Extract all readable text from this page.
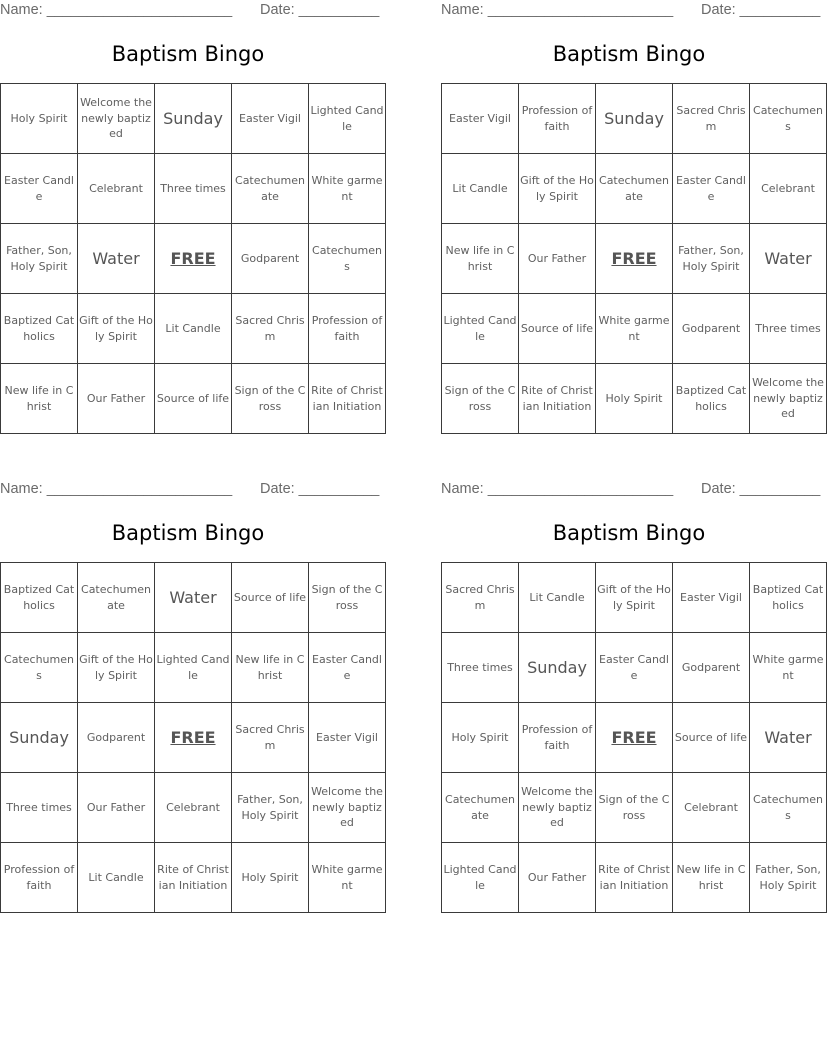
Name: _______________________ Date: __________
Baptism Bingo
Holy Spirit	Welcome the newly baptized	Sunday	Easter Vigil	Lighted Candle
Easter Candle	Celebrant	Three times	Catechumenate	White garment
Father, Son, Holy Spirit	Water	FREE	Godparent	Catechumens
Baptized Catholics	Gift of the Holy Spirit	Lit Candle	Sacred Chrism	Profession of faith
New life in Christ	Our Father	Source of life	Sign of the Cross	Rite of Christian Initiation
Name: _______________________ Date: __________
Baptism Bingo
Easter Vigil	Profession of faith	Sunday	Sacred Chrism	Catechumens
Lit Candle	Gift of the Holy Spirit	Catechumenate	Easter Candle	Celebrant
New life in Christ	Our Father	FREE	Father, Son, Holy Spirit	Water
Lighted Candle	Source of life	White garment	Godparent	Three times
Sign of the Cross	Rite of Christian Initiation	Holy Spirit	Baptized Catholics	Welcome the newly baptized
Name: _______________________ Date: __________
Baptism Bingo
Baptized Catholics	Catechumenate	Water	Source of life	Sign of the Cross
Catechumens	Gift of the Holy Spirit	Lighted Candle	New life in Christ	Easter Candle
Sunday	Godparent	FREE	Sacred Chrism	Easter Vigil
Three times	Our Father	Celebrant	Father, Son, Holy Spirit	Welcome the newly baptized
Profession of faith	Lit Candle	Rite of Christian Initiation	Holy Spirit	White garment
Name: _______________________ Date: __________
Baptism Bingo
Sacred Chrism	Lit Candle	Gift of the Holy Spirit	Easter Vigil	Baptized Catholics
Three times	Sunday	Easter Candle	Godparent	White garment
Holy Spirit	Profession of faith	FREE	Source of life	Water
Catechumenate	Welcome the newly baptized	Sign of the Cross	Celebrant	Catechumens
Lighted Candle	Our Father	Rite of Christian Initiation	New life in Christ	Father, Son, Holy Spirit
